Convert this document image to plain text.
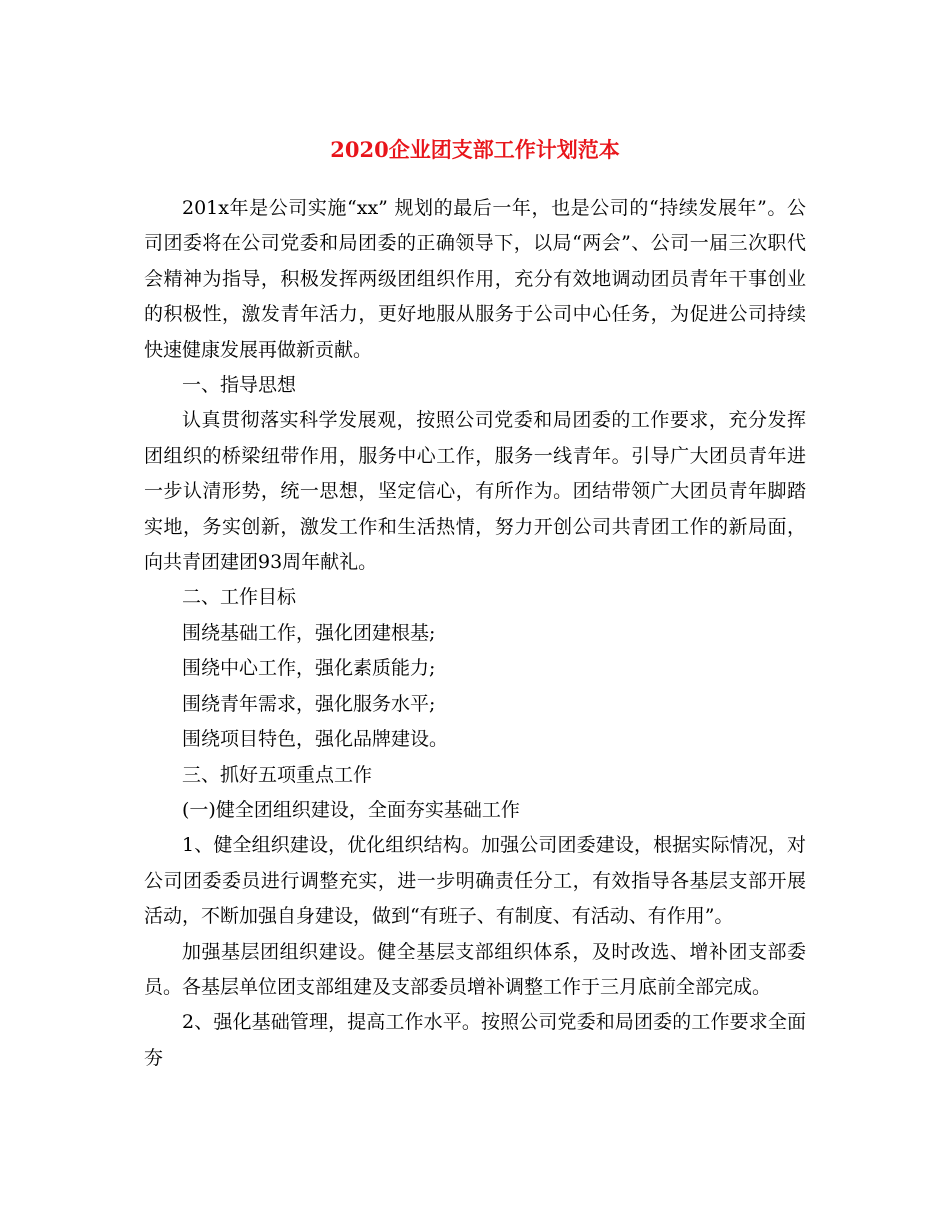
2020企业团支部工作计划范本

201x年是公司实施“xx” 规划的最后一年，也是公司的“持续发展年”。公司团委将在公司党委和局团委的正确领导下，以局“两会”、公司一届三次职代会精神为指导，积极发挥两级团组织作用，充分有效地调动团员青年干事创业的积极性，激发青年活力，更好地服从服务于公司中心任务，为促进公司持续快速健康发展再做新贡献。

一、指导思想

认真贯彻落实科学发展观，按照公司党委和局团委的工作要求，充分发挥团组织的桥梁纽带作用，服务中心工作，服务一线青年。引导广大团员青年进一步认清形势，统一思想，坚定信心，有所作为。团结带领广大团员青年脚踏实地，务实创新，激发工作和生活热情，努力开创公司共青团工作的新局面，向共青团建团93周年献礼。

二、工作目标

围绕基础工作，强化团建根基;

围绕中心工作，强化素质能力;

围绕青年需求，强化服务水平;

围绕项目特色，强化品牌建设。

三、抓好五项重点工作

(一)健全团组织建设，全面夯实基础工作

1、健全组织建设，优化组织结构。加强公司团委建设，根据实际情况，对公司团委委员进行调整充实，进一步明确责任分工，有效指导各基层支部开展活动，不断加强自身建设，做到“有班子、有制度、有活动、有作用”。

加强基层团组织建设。健全基层支部组织体系，及时改选、增补团支部委员。各基层单位团支部组建及支部委员增补调整工作于三月底前全部完成。

2、强化基础管理，提高工作水平。按照公司党委和局团委的工作要求全面夯
